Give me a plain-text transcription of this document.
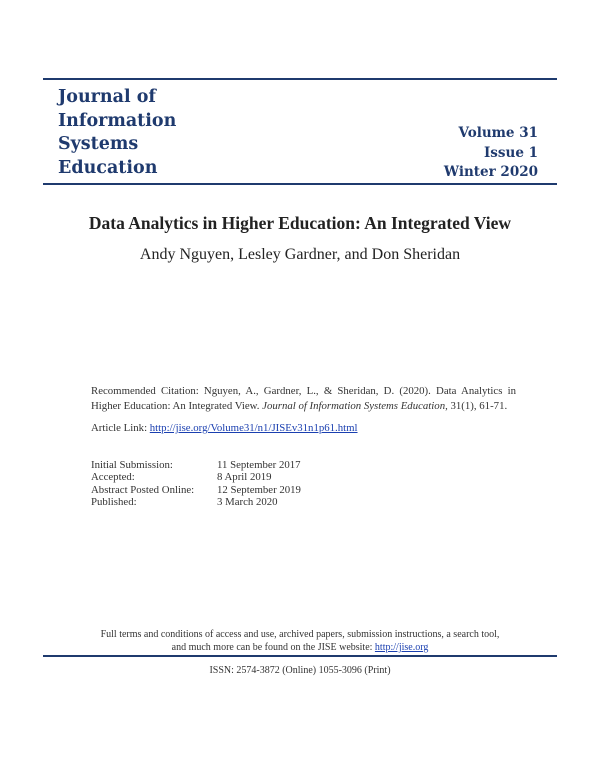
Journal of
Information
Systems
Education
Volume 31
Issue 1
Winter 2020
Data Analytics in Higher Education: An Integrated View
Andy Nguyen, Lesley Gardner, and Don Sheridan
Recommended Citation: Nguyen, A., Gardner, L., & Sheridan, D. (2020). Data Analytics in Higher Education: An Integrated View. Journal of Information Systems Education, 31(1), 61-71.
Article Link: http://jise.org/Volume31/n1/JISEv31n1p61.html
Initial Submission:	11 September 2017
Accepted:	8 April 2019
Abstract Posted Online: 12 September 2019
Published:	3 March 2020
Full terms and conditions of access and use, archived papers, submission instructions, a search tool,
and much more can be found on the JISE website: http://jise.org
ISSN: 2574-3872 (Online) 1055-3096 (Print)
